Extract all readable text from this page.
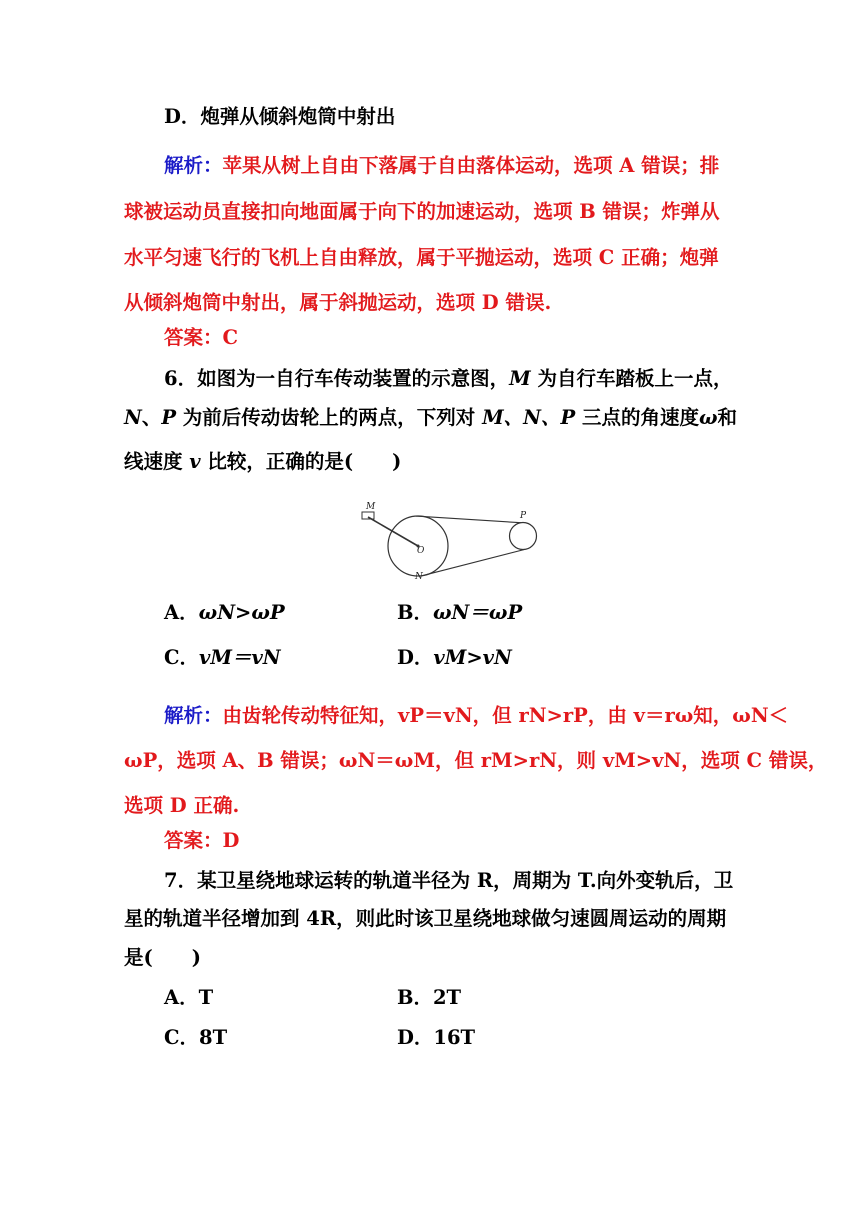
D．炮弹从倾斜炮筒中射出
解析：苹果从树上自由下落属于自由落体运动，选项 A 错误；排
球被运动员直接扣向地面属于向下的加速运动，选项 B 错误；炸弹从
水平匀速飞行的飞机上自由释放，属于平抛运动，选项 C 正确；炮弹
从倾斜炮筒中射出，属于斜抛运动，选项 D 错误.
答案：C
6．如图为一自行车传动装置的示意图，M 为自行车踏板上一点，
N、P 为前后传动齿轮上的两点，下列对 M、N、P 三点的角速度ω和
线速度 v 比较，正确的是(　　)
M
P
O
N
A．ωN>ωP	B．ωN＝ωP
C．vM＝vN	D．vM>vN
解析：由齿轮传动特征知，vP＝vN，但 rN>rP，由 v＝rω知，ωN＜
ωP，选项 A、B 错误；ωN＝ωM，但 rM>rN，则 vM>vN，选项 C 错误，
选项 D 正确.
答案：D
7．某卫星绕地球运转的轨道半径为 R，周期为 T.向外变轨后，卫
星的轨道半径增加到 4R，则此时该卫星绕地球做匀速圆周运动的周期
是(　　)
A．T	B．2T
C．8T	D．16T
